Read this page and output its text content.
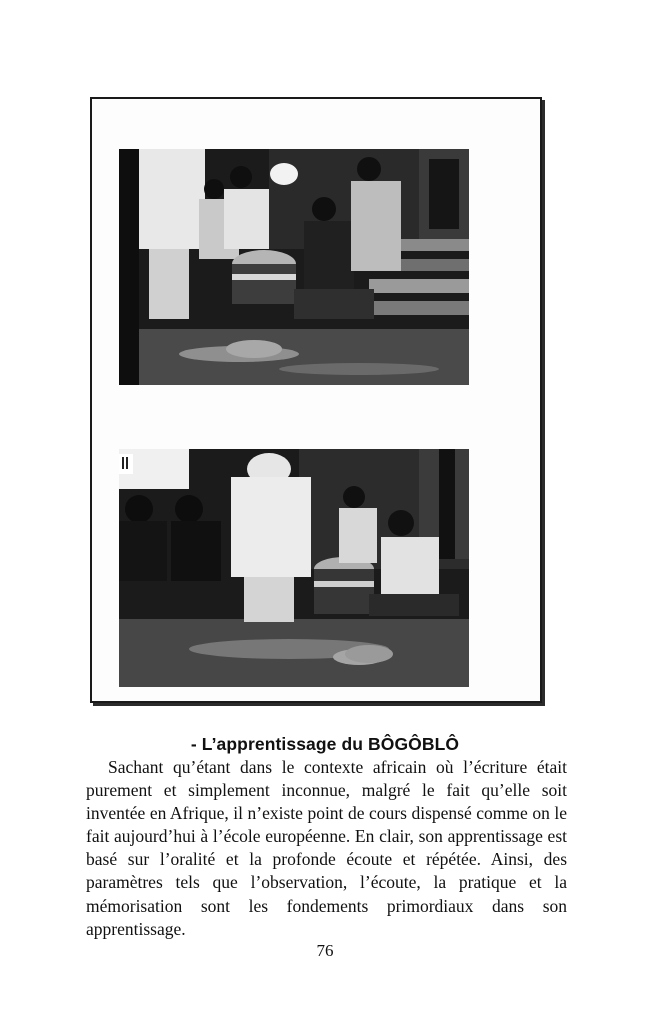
- L’apprentissage du BÔGÔBLÔ

Sachant qu’étant dans le contexte africain où l’écriture était purement et simplement inconnue, malgré le fait qu’elle soit inventée en Afrique, il n’existe point de cours dispensé comme on le fait aujourd’hui à l’école européenne. En clair, son apprentissage est basé sur l’oralité et la profonde écoute et répétée. Ainsi, des paramètres tels que l’observation, l’écoute, la pratique et la mémorisation sont les fondements primordiaux dans son apprentissage.

76
